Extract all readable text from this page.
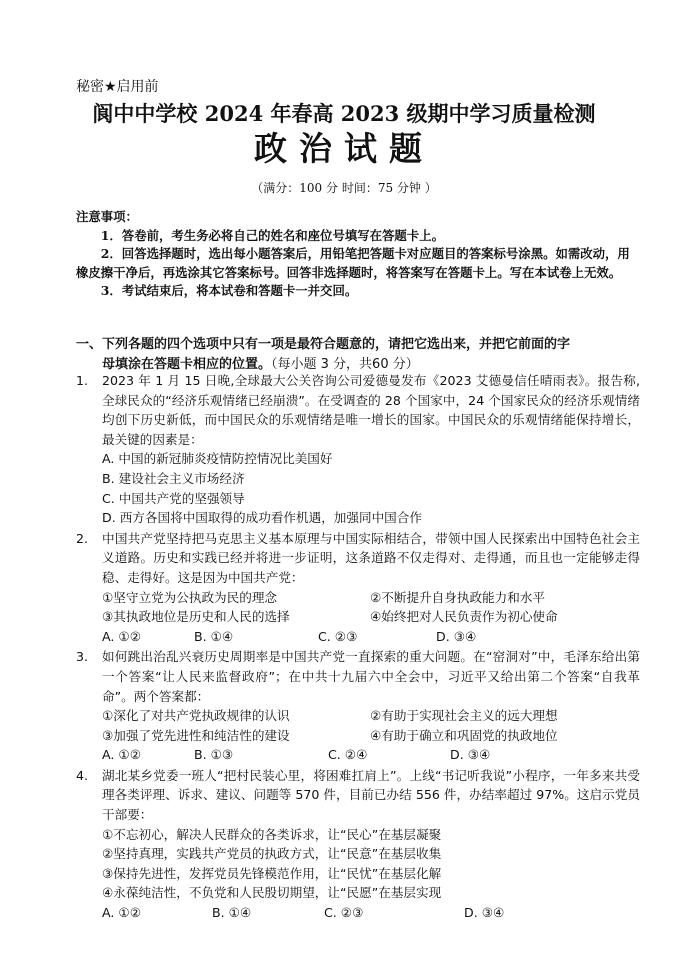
秘密★启用前
阆中中学校 2024 年春高 2023 级期中学习质量检测
政治试题
（满分：100 分 时间：75 分钟 ）
注意事项：
1．答卷前，考生务必将自己的姓名和座位号填写在答题卡上。
2．回答选择题时，选出每小题答案后，用铅笔把答题卡对应题目的答案标号涂黑。如需改动，用橡皮擦干净后，再选涂其它答案标号。回答非选择题时，将答案写在答题卡上。写在本试卷上无效。
3．考试结束后，将本试卷和答题卡一并交回。
一、下列各题的四个选项中只有一项是最符合题意的，请把它选出来，并把它前面的字
母填涂在答题卡相应的位置。（每小题 3 分，共60 分）
1. 2023 年 1 月 15 日晚,全球最大公关咨询公司爱德曼发布《2023 艾德曼信任晴雨表》。报告称,全球民众的“经济乐观情绪已经崩溃”。在受调查的 28 个国家中，24 个国家民众的经济乐观情绪均创下历史新低，而中国民众的乐观情绪是唯一增长的国家。中国民众的乐观情绪能保持增长，最关键的因素是：
A. 中国的新冠肺炎疫情防控情况比美国好
B. 建设社会主义市场经济
C. 中国共产党的坚强领导
D. 西方各国将中国取得的成功看作机遇，加强同中国合作
2. 中国共产党坚持把马克思主义基本原理与中国实际相结合，带领中国人民探索出中国特色社会主义道路。历史和实践已经并将进一步证明，这条道路不仅走得对、走得通，而且也一定能够走得稳、走得好。这是因为中国共产党：
①坚守立党为公执政为民的理念	②不断提升自身执政能力和水平
③其执政地位是历史和人民的选择	④始终把对人民负责作为初心使命
A. ①②	B. ①④	C. ②③	D. ③④
3. 如何跳出治乱兴衰历史周期率是中国共产党一直探索的重大问题。在“窑洞对”中，毛泽东给出第一个答案“让人民来监督政府”；在中共十九届六中全会中，习近平又给出第二个答案“自我革命”。两个答案都：
①深化了对共产党执政规律的认识	②有助于实现社会主义的远大理想
③加强了党先进性和纯洁性的建设	④有助于确立和巩固党的执政地位
A. ①②	B. ①③	C. ②④	D. ③④
4. 湖北某乡党委一班人“把村民装心里，将困难扛肩上”。上线“书记听我说”小程序，一年多来共受理各类评理、诉求、建议、问题等 570 件，目前已办结 556 件，办结率超过 97%。这启示党员干部要：
①不忘初心，解决人民群众的各类诉求，让“民心”在基层凝聚
②坚持真理，实践共产党员的执政方式，让“民意”在基层收集
③保持先进性，发挥党员先锋模范作用，让“民忧”在基层化解
④永葆纯洁性，不负党和人民殷切期望，让“民愿”在基层实现
A. ①②	B. ①④	C. ②③	D. ③④
